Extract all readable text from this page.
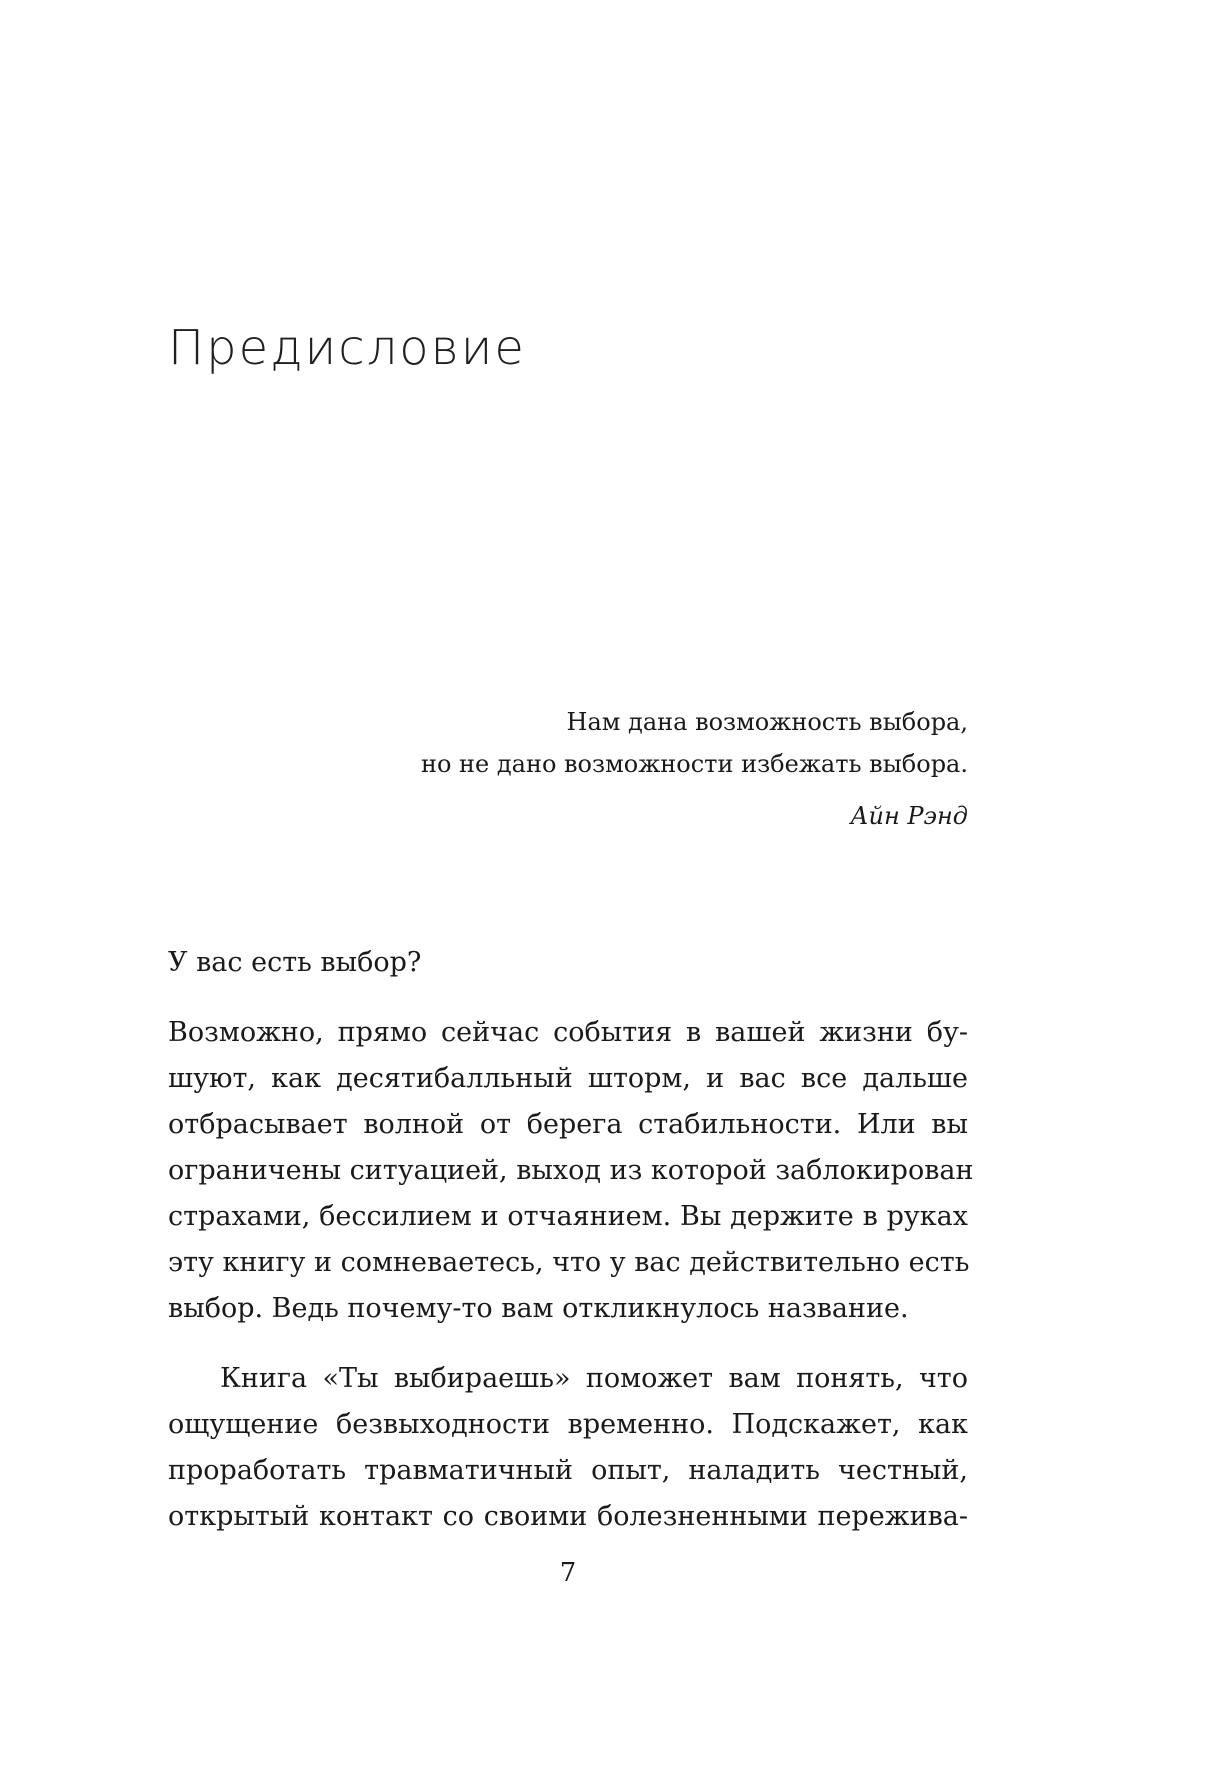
Предисловие
Нам дана возможность выбора,
но не дано возможности избежать выбора.
Айн Рэнд
У вас есть выбор?
Возможно, прямо сейчас события в вашей жизни бу-
шуют, как десятибалльный шторм, и вас все дальше
отбрасывает волной от берега стабильности. Или вы
ограничены ситуацией, выход из которой заблокирован
страхами, бессилием и отчаянием. Вы держите в руках
эту книгу и сомневаетесь, что у вас действительно есть
выбор. Ведь почему-то вам откликнулось название.
Книга «Ты выбираешь» поможет вам понять, что
ощущение безвыходности временно. Подскажет, как
проработать травматичный опыт, наладить честный,
открытый контакт со своими болезненными пережива-
7
